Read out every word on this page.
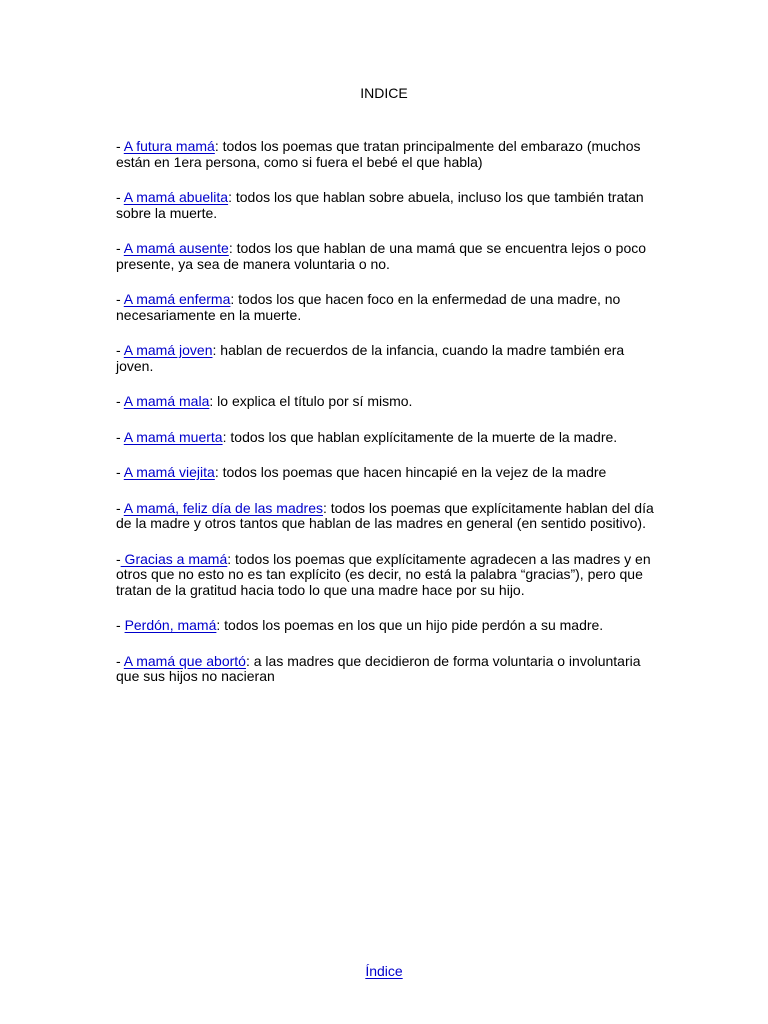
INDICE

- A futura mamá: todos los poemas que tratan principalmente del embarazo (muchos están en 1era persona, como si fuera el bebé el que habla)

- A mamá abuelita: todos los que hablan sobre abuela, incluso los que también tratan sobre la muerte.

- A mamá ausente: todos los que hablan de una mamá que se encuentra lejos o poco presente, ya sea de manera voluntaria o no.

- A mamá enferma: todos los que hacen foco en la enfermedad de una madre, no necesariamente en la muerte.

- A mamá joven: hablan de recuerdos de la infancia, cuando la madre también era joven.

- A mamá mala: lo explica el título por sí mismo.

- A mamá muerta: todos los que hablan explícitamente de la muerte de la madre.

- A mamá viejita: todos los poemas que hacen hincapié en la vejez de la madre

- A mamá, feliz día de las madres: todos los poemas que explícitamente hablan del día de la madre y otros tantos que hablan de las madres en general (en sentido positivo).

- Gracias a mamá: todos los poemas que explícitamente agradecen a las madres y en otros que no esto no es tan explícito (es decir, no está la palabra “gracias”), pero que tratan de la gratitud hacia todo lo que una madre hace por su hijo.

- Perdón, mamá: todos los poemas en los que un hijo pide perdón a su madre.

- A mamá que abortó: a las madres que decidieron de forma voluntaria o involuntaria que sus hijos no nacieran

Índice
